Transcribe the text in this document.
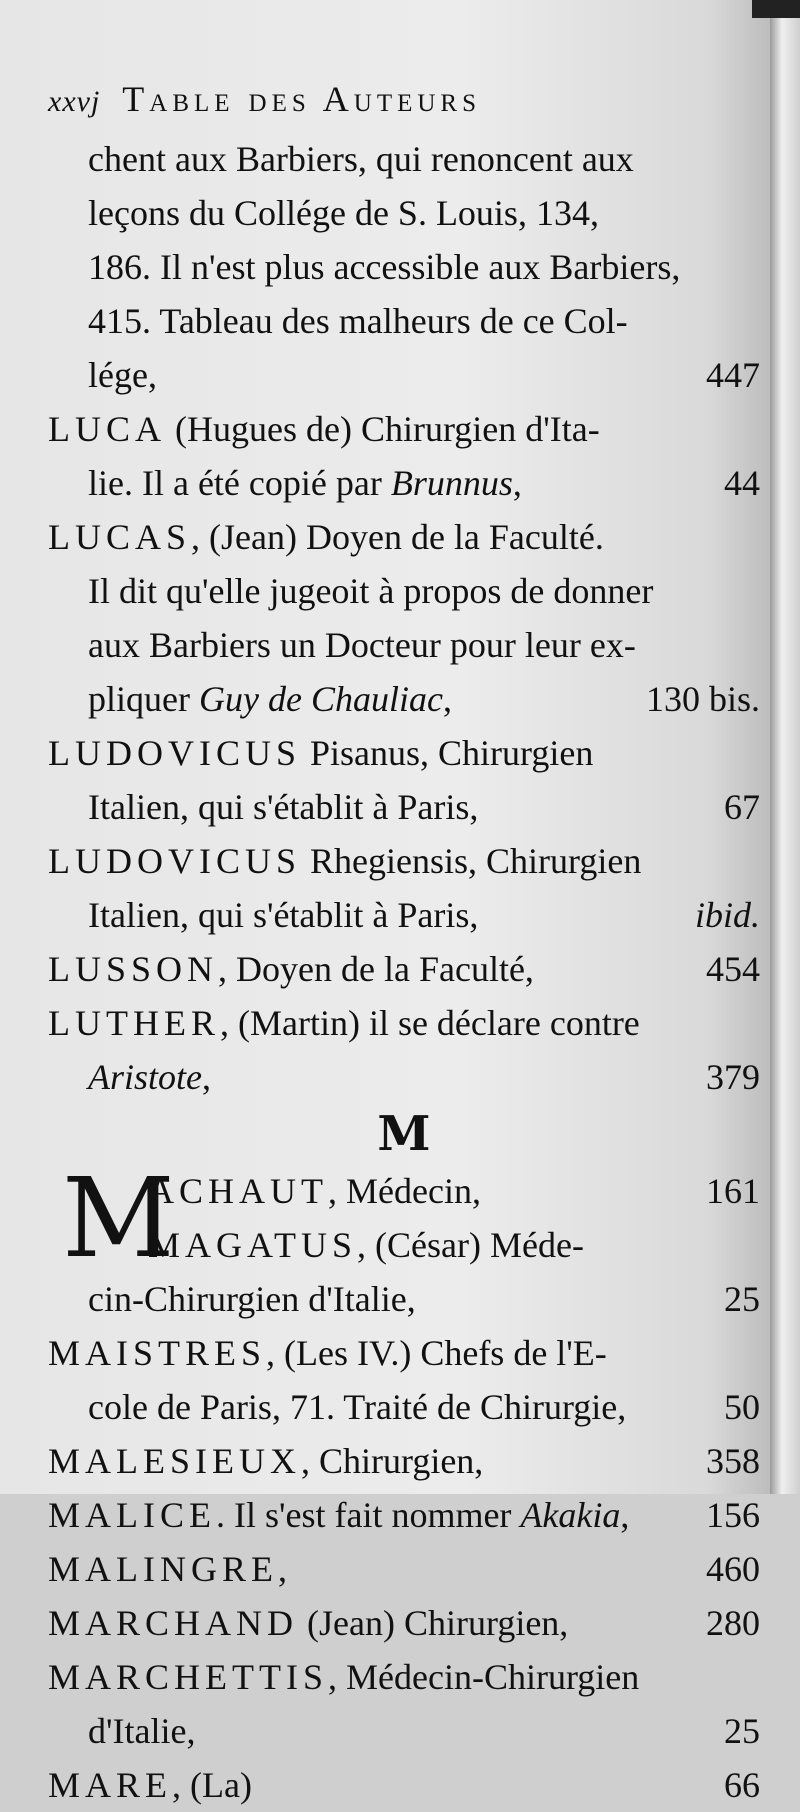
xxvj Table des Auteurs
chent aux Barbiers, qui renoncent aux
leçons du Collége de S. Louis, 134,
186. Il n'est plus accessible aux Barbiers,
415. Tableau des malheurs de ce Col-
lége,	447
LUCA (Hugues de) Chirurgien d'Ita-
lie. Il a été copié par Brunnus,	44
LUCAS, (Jean) Doyen de la Faculté.
Il dit qu'elle jugeoit à propos de donner
aux Barbiers un Docteur pour leur ex-
pliquer Guy de Chauliac,	130 bis.
LUDOVICUS Pisanus, Chirurgien
Italien, qui s'établit à Paris,	67
LUDOVICUS Rhegiensis, Chirurgien
Italien, qui s'établit à Paris,	ibid.
LUSSON, Doyen de la Faculté,	454
LUTHER, (Martin) il se déclare contre
Aristote,	379
M
M
ACHAUT, Médecin,	161
MAGATUS, (César) Méde-
cin-Chirurgien d'Italie,	25
MAISTRES, (Les IV.) Chefs de l'E-
cole de Paris, 71. Traité de Chirurgie,	50
MALESIEUX, Chirurgien,	358
MALICE. Il s'est fait nommer Akakia, 156
MALINGRE,	460
MARCHAND (Jean) Chirurgien,	280
MARCHETTIS, Médecin-Chirurgien
d'Italie,	25
MARE, (La)	66
